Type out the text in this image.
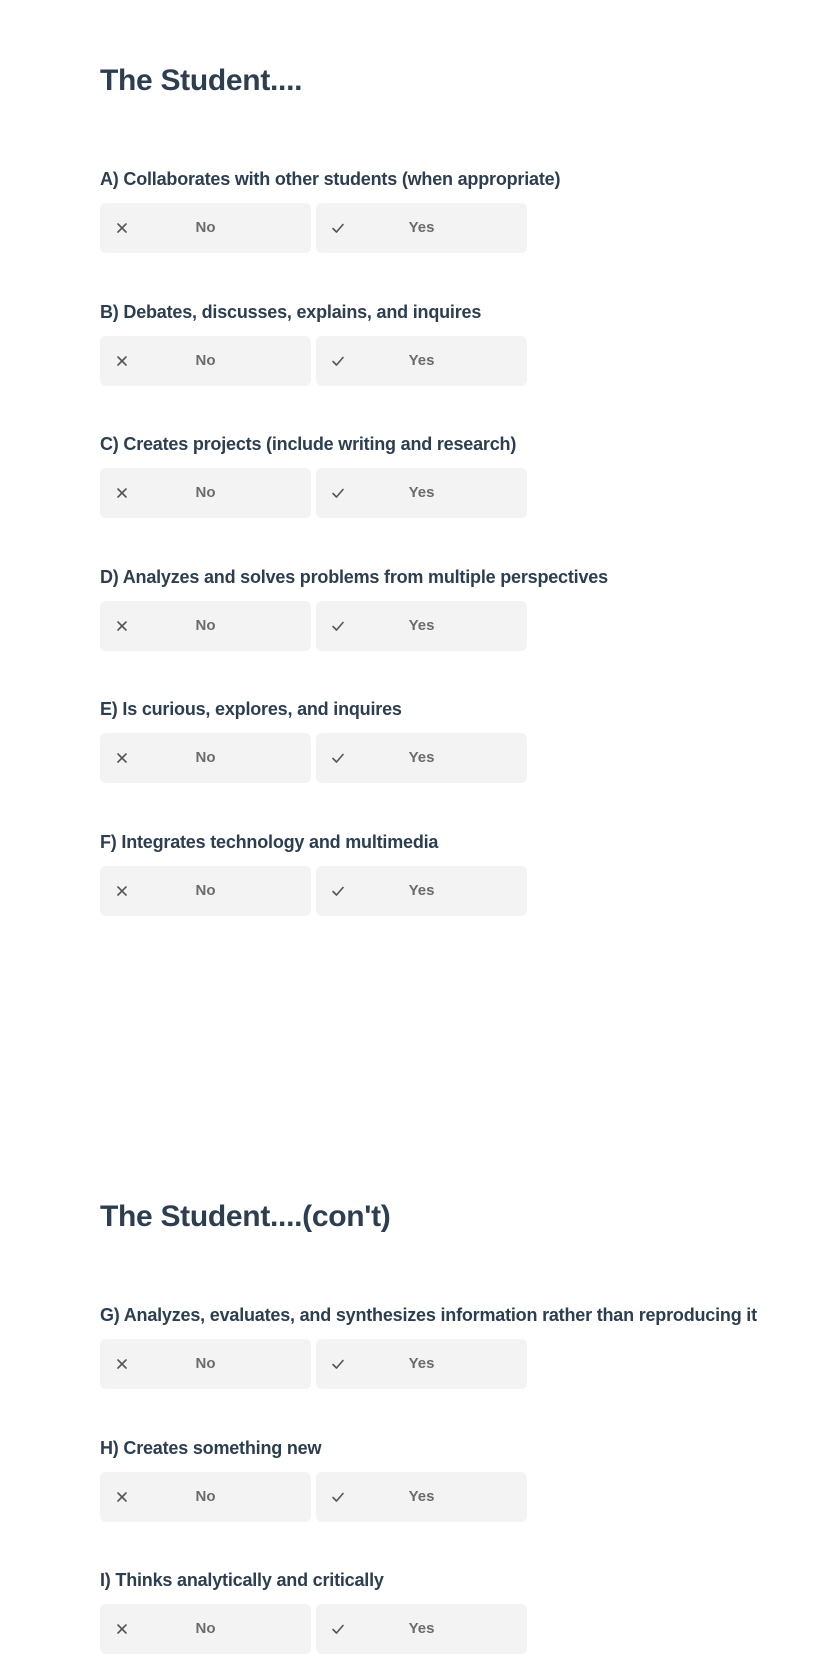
The Student....
A) Collaborates with other students (when appropriate)
No	Yes
B) Debates, discusses, explains, and inquires
No	Yes
C) Creates projects (include writing and research)
No	Yes
D) Analyzes and solves problems from multiple perspectives
No	Yes
E) Is curious, explores, and inquires
No	Yes
F) Integrates technology and multimedia
No	Yes
The Student....(con't)
G) Analyzes, evaluates, and synthesizes information rather than reproducing it
No	Yes
H) Creates something new
No	Yes
I) Thinks analytically and critically
No	Yes
